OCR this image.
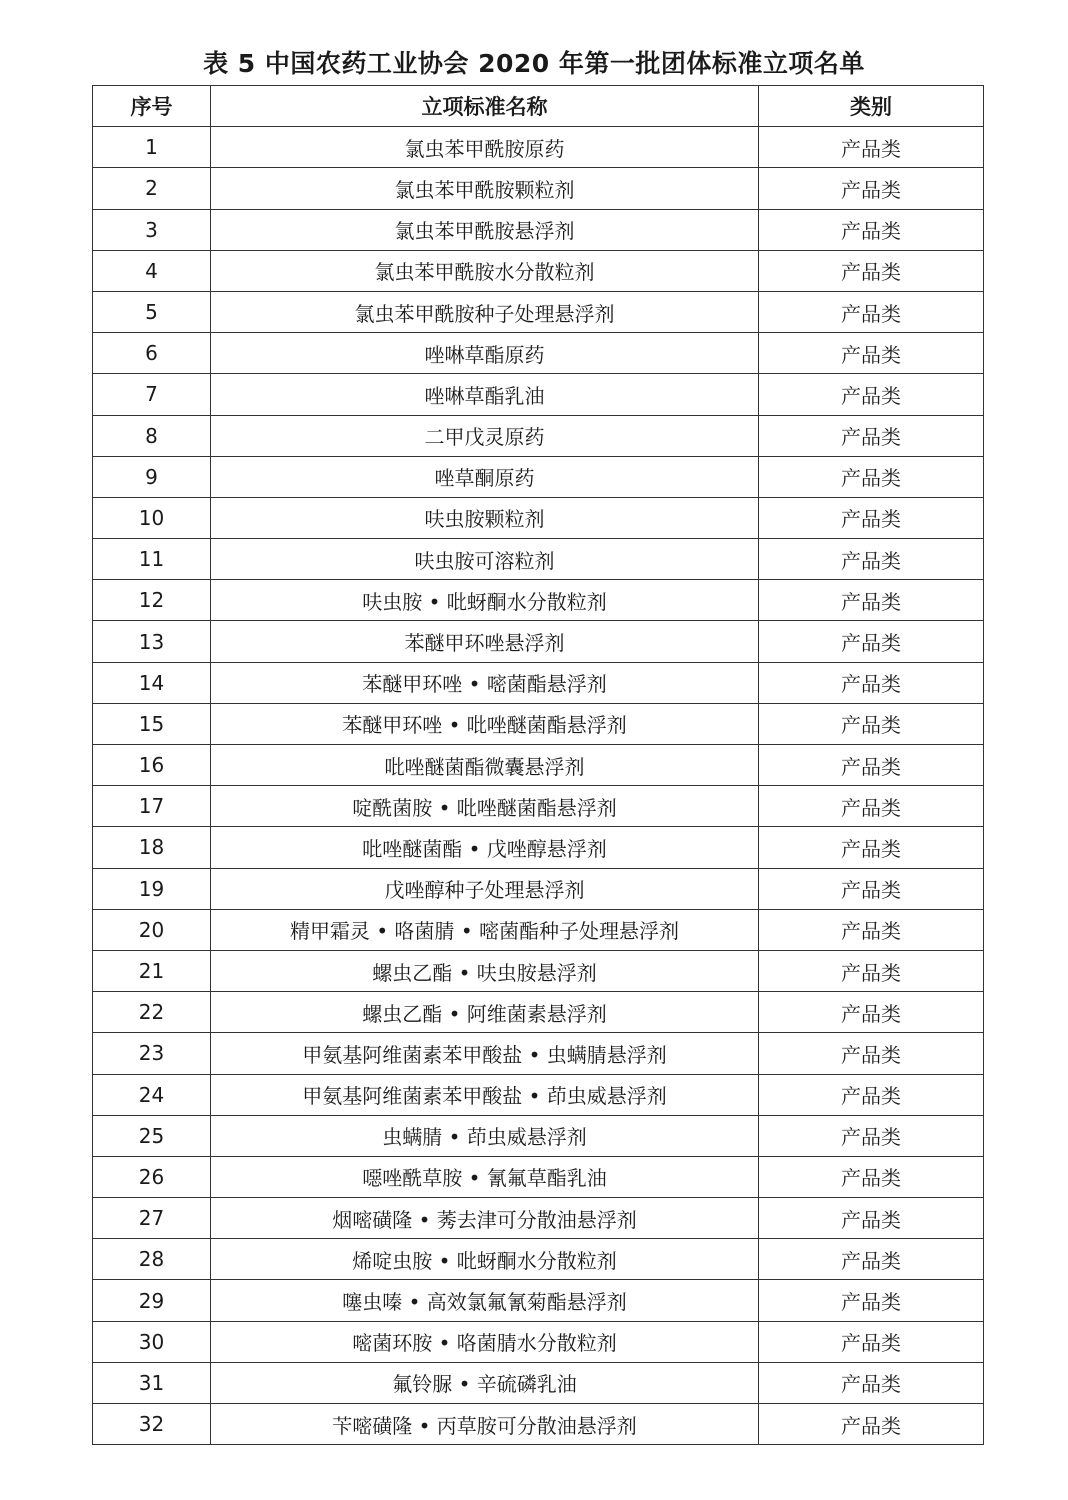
表 5 中国农药工业协会 2020 年第一批团体标准立项名单
序号	立项标准名称	类别
1	氯虫苯甲酰胺原药	产品类
2	氯虫苯甲酰胺颗粒剂	产品类
3	氯虫苯甲酰胺悬浮剂	产品类
4	氯虫苯甲酰胺水分散粒剂	产品类
5	氯虫苯甲酰胺种子处理悬浮剂	产品类
6	唑啉草酯原药	产品类
7	唑啉草酯乳油	产品类
8	二甲戊灵原药	产品类
9	唑草酮原药	产品类
10	呋虫胺颗粒剂	产品类
11	呋虫胺可溶粒剂	产品类
12	呋虫胺 • 吡蚜酮水分散粒剂	产品类
13	苯醚甲环唑悬浮剂	产品类
14	苯醚甲环唑 • 嘧菌酯悬浮剂	产品类
15	苯醚甲环唑 • 吡唑醚菌酯悬浮剂	产品类
16	吡唑醚菌酯微囊悬浮剂	产品类
17	啶酰菌胺 • 吡唑醚菌酯悬浮剂	产品类
18	吡唑醚菌酯 • 戊唑醇悬浮剂	产品类
19	戊唑醇种子处理悬浮剂	产品类
20	精甲霜灵 • 咯菌腈 • 嘧菌酯种子处理悬浮剂	产品类
21	螺虫乙酯 • 呋虫胺悬浮剂	产品类
22	螺虫乙酯 • 阿维菌素悬浮剂	产品类
23	甲氨基阿维菌素苯甲酸盐 • 虫螨腈悬浮剂	产品类
24	甲氨基阿维菌素苯甲酸盐 • 茚虫威悬浮剂	产品类
25	虫螨腈 • 茚虫威悬浮剂	产品类
26	噁唑酰草胺 • 氰氟草酯乳油	产品类
27	烟嘧磺隆 • 莠去津可分散油悬浮剂	产品类
28	烯啶虫胺 • 吡蚜酮水分散粒剂	产品类
29	噻虫嗪 • 高效氯氟氰菊酯悬浮剂	产品类
30	嘧菌环胺 • 咯菌腈水分散粒剂	产品类
31	氟铃脲 • 辛硫磷乳油	产品类
32	苄嘧磺隆 • 丙草胺可分散油悬浮剂	产品类
